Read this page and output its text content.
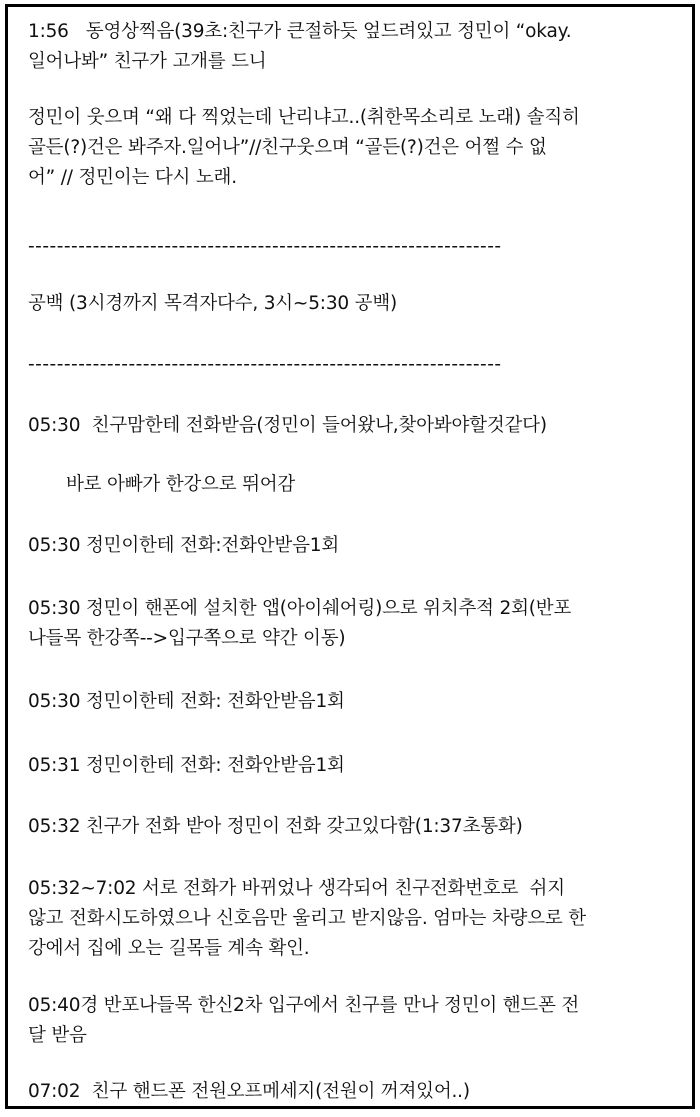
1:56   동영상찍음(39초:친구가 큰절하듯 엎드려있고 정민이 “okay.
일어나봐” 친구가 고개를 드니
정민이 웃으며 “왜 다 찍었는데 난리냐고..(취한목소리로 노래) 솔직히
골든(?)건은 봐주자.일어나”//친구웃으며 “골든(?)건은 어쩔 수 없
어” // 정민이는 다시 노래.
------------------------------------------------------------------
공백 (3시경까지 목격자다수, 3시~5:30 공백)
------------------------------------------------------------------
05:30  친구맘한테 전화받음(정민이 들어왔나,찾아봐야할것같다)
바로 아빠가 한강으로 뛰어감
05:30 정민이한테 전화:전화안받음1회
05:30 정민이 핸폰에 설치한 앱(아이쉐어링)으로 위치추적 2회(반포
나들목 한강쪽-->입구쪽으로 약간 이동)
05:30 정민이한테 전화: 전화안받음1회
05:31 정민이한테 전화: 전화안받음1회
05:32 친구가 전화 받아 정민이 전화 갖고있다함(1:37초통화)
05:32~7:02 서로 전화가 바뀌었나 생각되어 친구전화번호로  쉬지
않고 전화시도하였으나 신호음만 울리고 받지않음. 엄마는 차량으로 한
강에서 집에 오는 길목들 계속 확인.
05:40경 반포나들목 한신2차 입구에서 친구를 만나 정민이 핸드폰 전
달 받음
07:02  친구 핸드폰 전원오프메세지(전원이 꺼져있어..)
